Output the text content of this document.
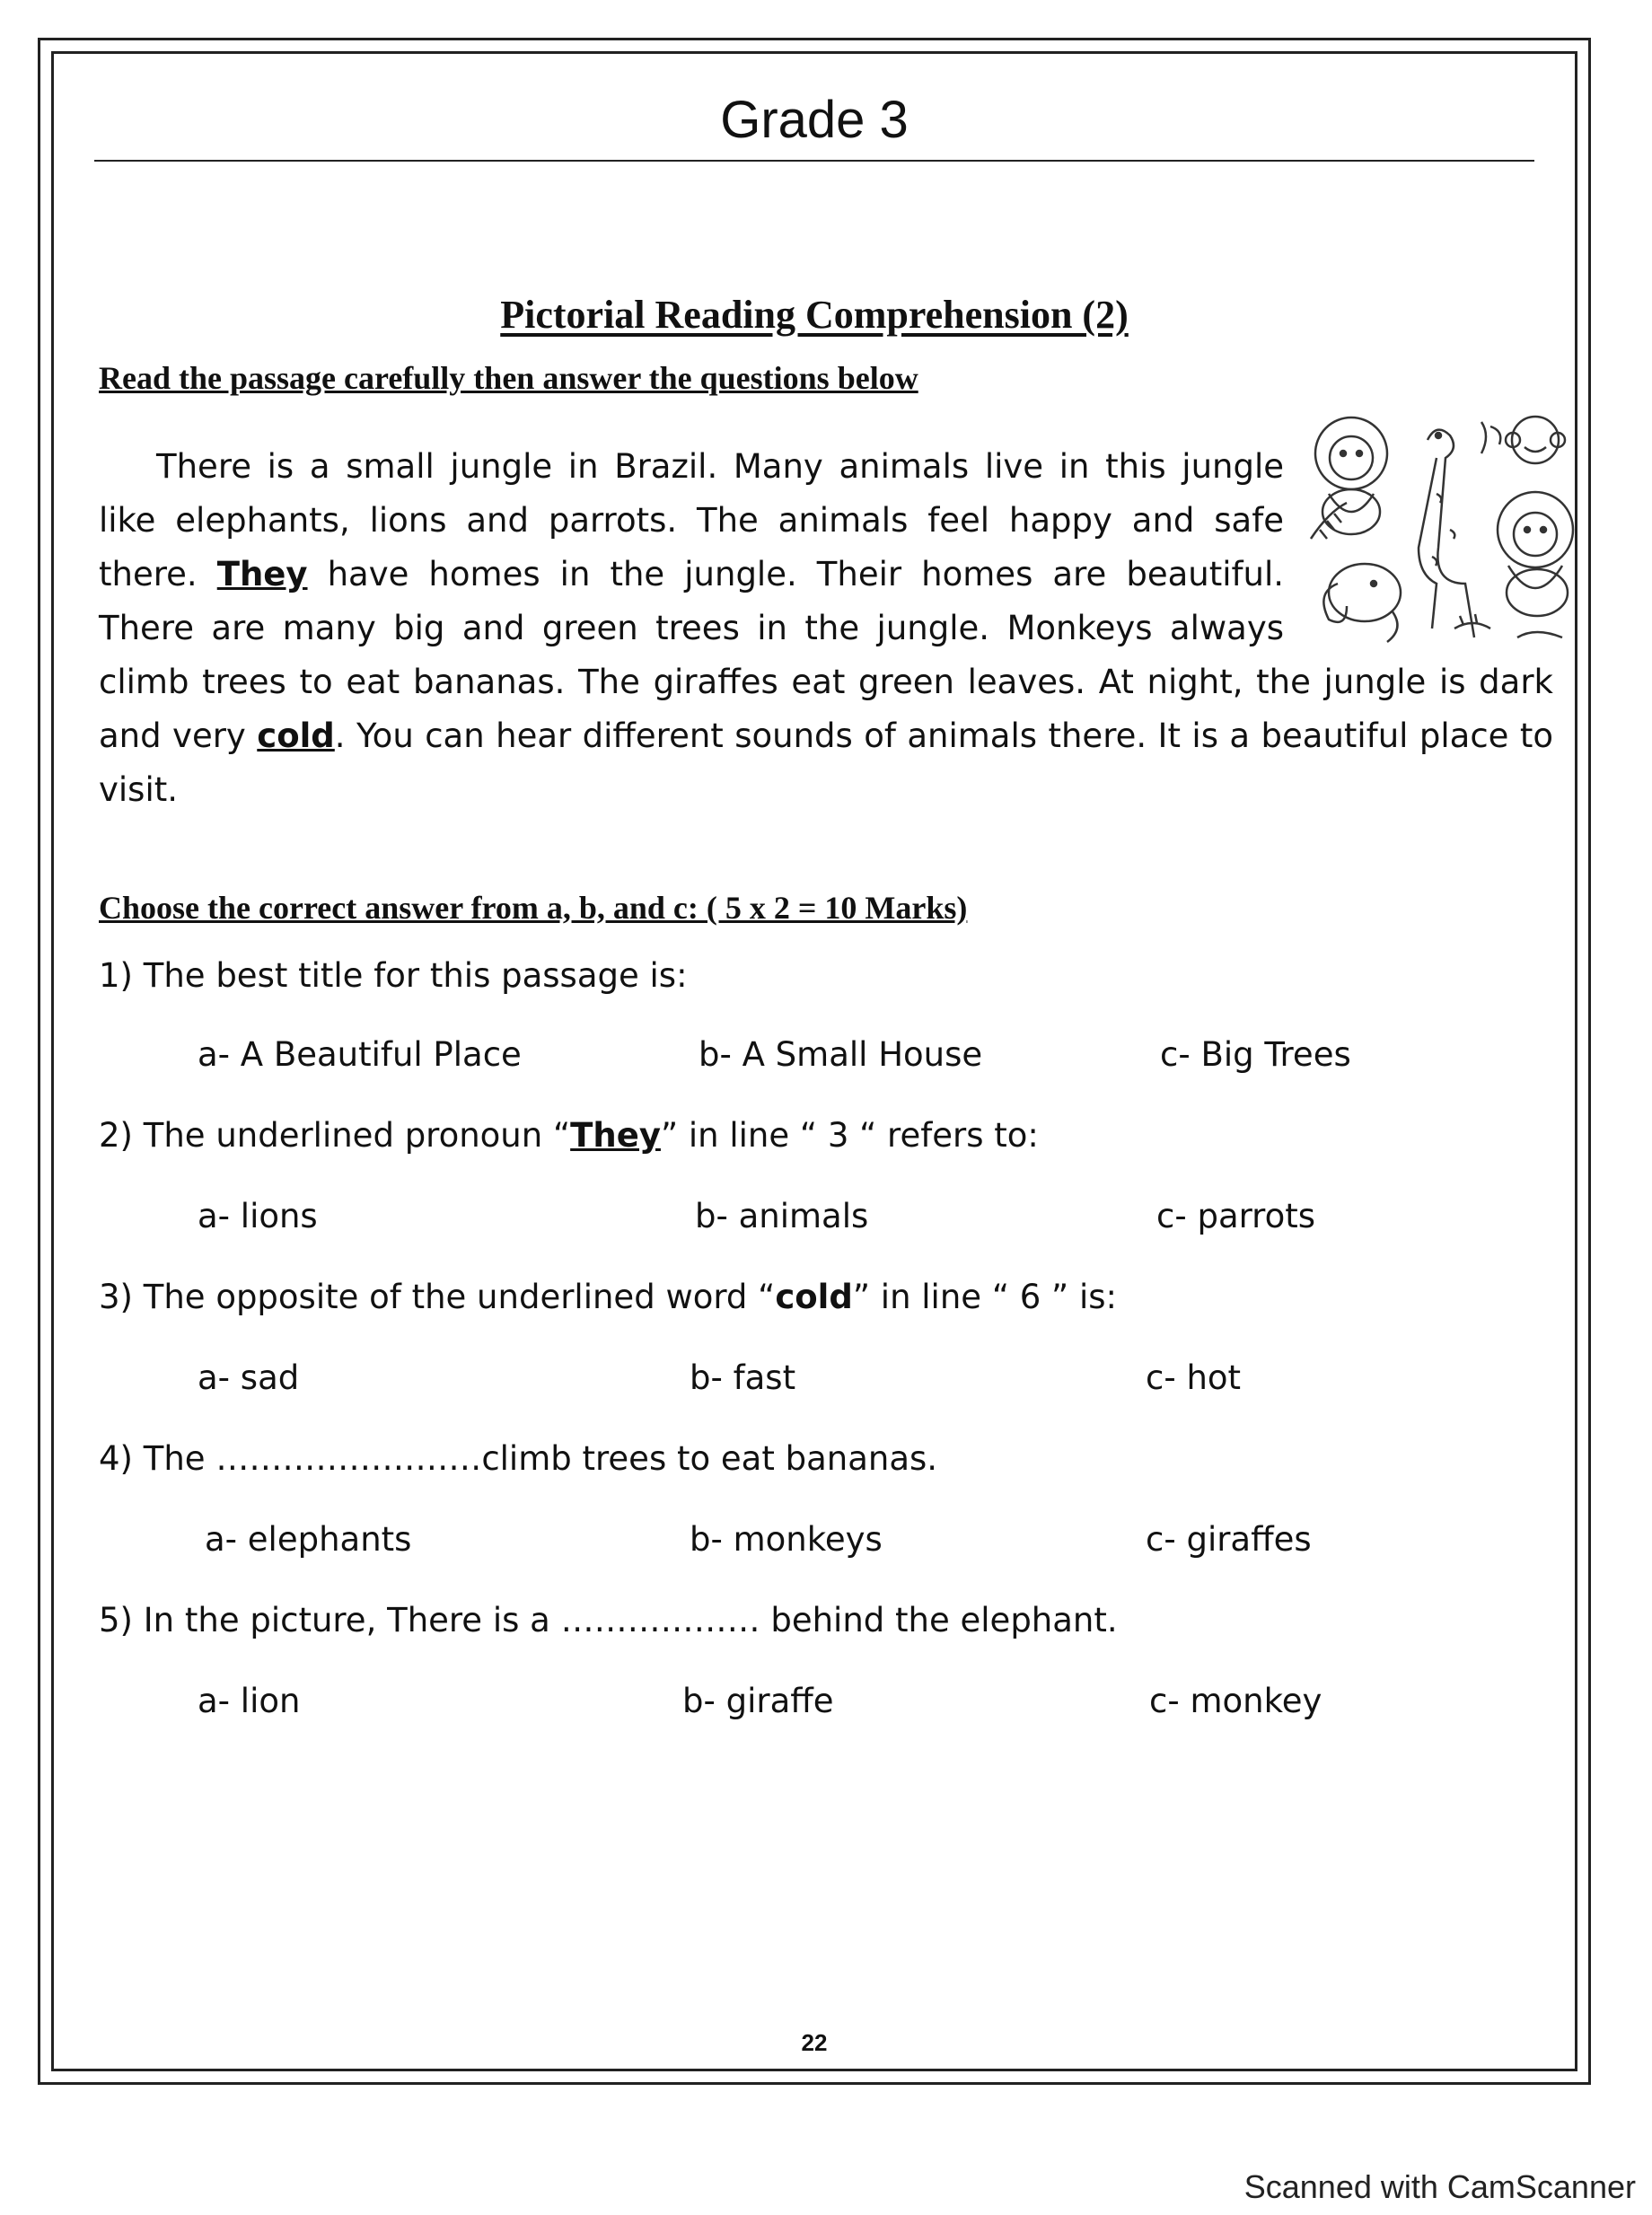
Grade 3
Pictorial Reading Comprehension (2)
Read the passage carefully then answer the questions below

There is a small jungle in Brazil. Many animals live in this jungle like elephants, lions and parrots. The animals feel happy and safe there. They have homes in the jungle. Their homes are beautiful. There are many big and green trees in the jungle. Monkeys always climb trees to eat bananas. The giraffes eat green leaves. At night, the jungle is dark and very cold. You can hear different sounds of animals there. It is a beautiful place to visit.

Choose the correct answer from a, b, and c: ( 5 x 2 = 10 Marks)
1) The best title for this passage is:
a- A Beautiful Place	b- A Small House	c- Big Trees
2) The underlined pronoun “They” in line “ 3 “ refers to:
a- lions	b- animals	c- parrots
3) The opposite of the underlined word “cold” in line “ 6 ” is:
a- sad	b- fast	c- hot
4) The ……………………climb trees to eat bananas.
a- elephants	b- monkeys	c- giraffes
5) In the picture, There is a ……………… behind the elephant.
a- lion	b- giraffe	c- monkey
22
Scanned with CamScanner
